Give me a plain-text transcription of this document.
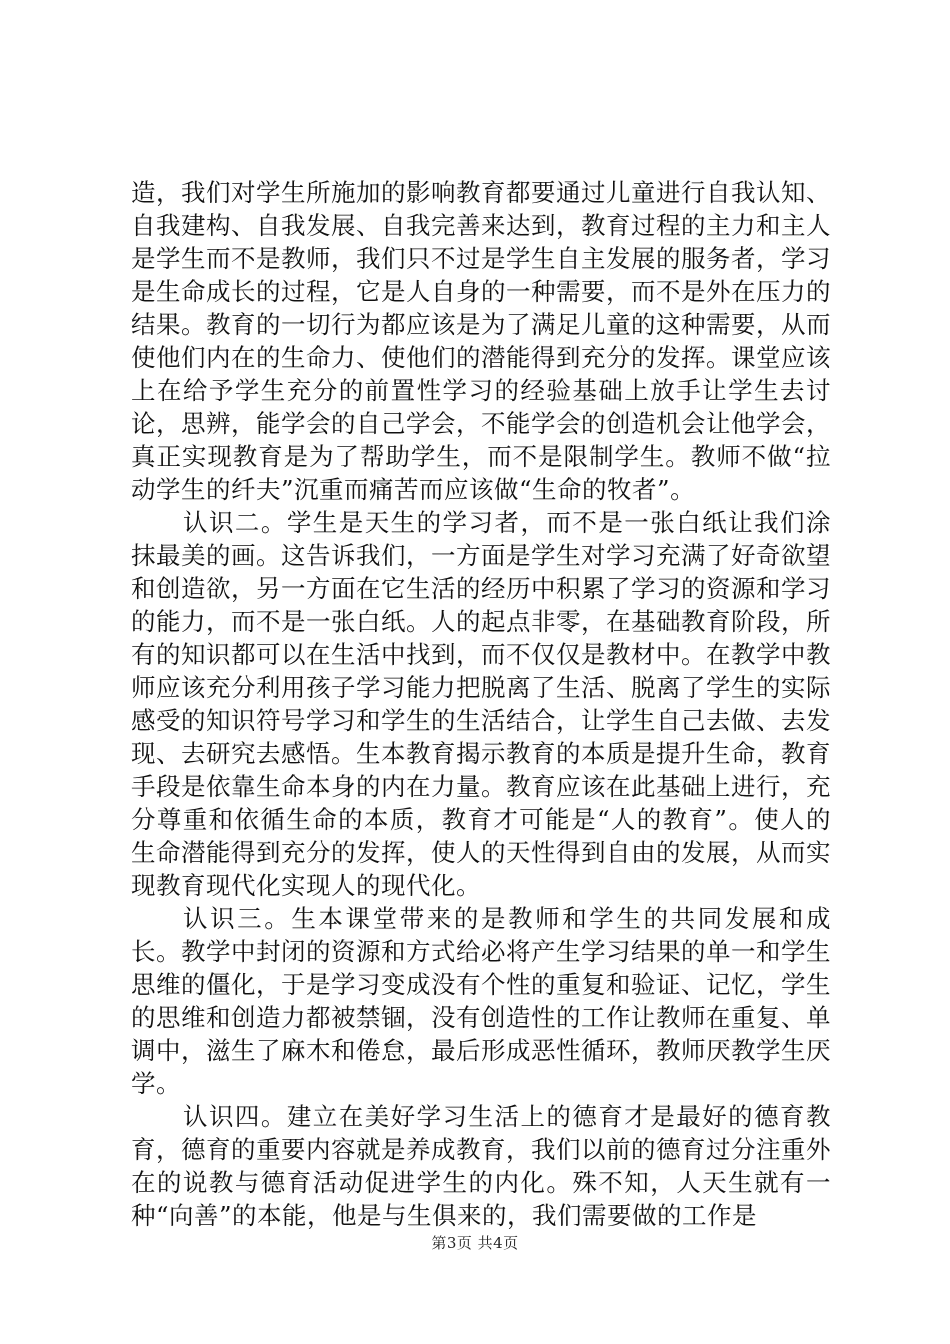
造，我们对学生所施加的影响教育都要通过儿童进行自我认知、自我建构、自我发展、自我完善来达到，教育过程的主力和主人是学生而不是教师，我们只不过是学生自主发展的服务者，学习是生命成长的过程，它是人自身的一种需要，而不是外在压力的结果。教育的一切行为都应该是为了满足儿童的这种需要，从而使他们内在的生命力、使他们的潜能得到充分的发挥。课堂应该上在给予学生充分的前置性学习的经验基础上放手让学生去讨论，思辨，能学会的自己学会，不能学会的创造机会让他学会，真正实现教育是为了帮助学生，而不是限制学生。教师不做“拉动学生的纤夫”沉重而痛苦而应该做“生命的牧者”。

认识二。学生是天生的学习者，而不是一张白纸让我们涂抹最美的画。这告诉我们，一方面是学生对学习充满了好奇欲望和创造欲，另一方面在它生活的经历中积累了学习的资源和学习的能力，而不是一张白纸。人的起点非零，在基础教育阶段，所有的知识都可以在生活中找到，而不仅仅是教材中。在教学中教师应该充分利用孩子学习能力把脱离了生活、脱离了学生的实际感受的知识符号学习和学生的生活结合，让学生自己去做、去发现、去研究去感悟。生本教育揭示教育的本质是提升生命，教育手段是依靠生命本身的内在力量。教育应该在此基础上进行，充分尊重和依循生命的本质，教育才可能是“人的教育”。使人的生命潜能得到充分的发挥，使人的天性得到自由的发展，从而实现教育现代化实现人的现代化。

认识三。生本课堂带来的是教师和学生的共同发展和成长。教学中封闭的资源和方式给必将产生学习结果的单一和学生思维的僵化，于是学习变成没有个性的重复和验证、记忆，学生的思维和创造力都被禁锢，没有创造性的工作让教师在重复、单调中，滋生了麻木和倦怠，最后形成恶性循环，教师厌教学生厌学。

认识四。建立在美好学习生活上的德育才是最好的德育教育，德育的重要内容就是养成教育，我们以前的德育过分注重外在的说教与德育活动促进学生的内化。殊不知，人天生就有一种“向善”的本能，他是与生俱来的，我们需要做的工作是

第3页 共4页
